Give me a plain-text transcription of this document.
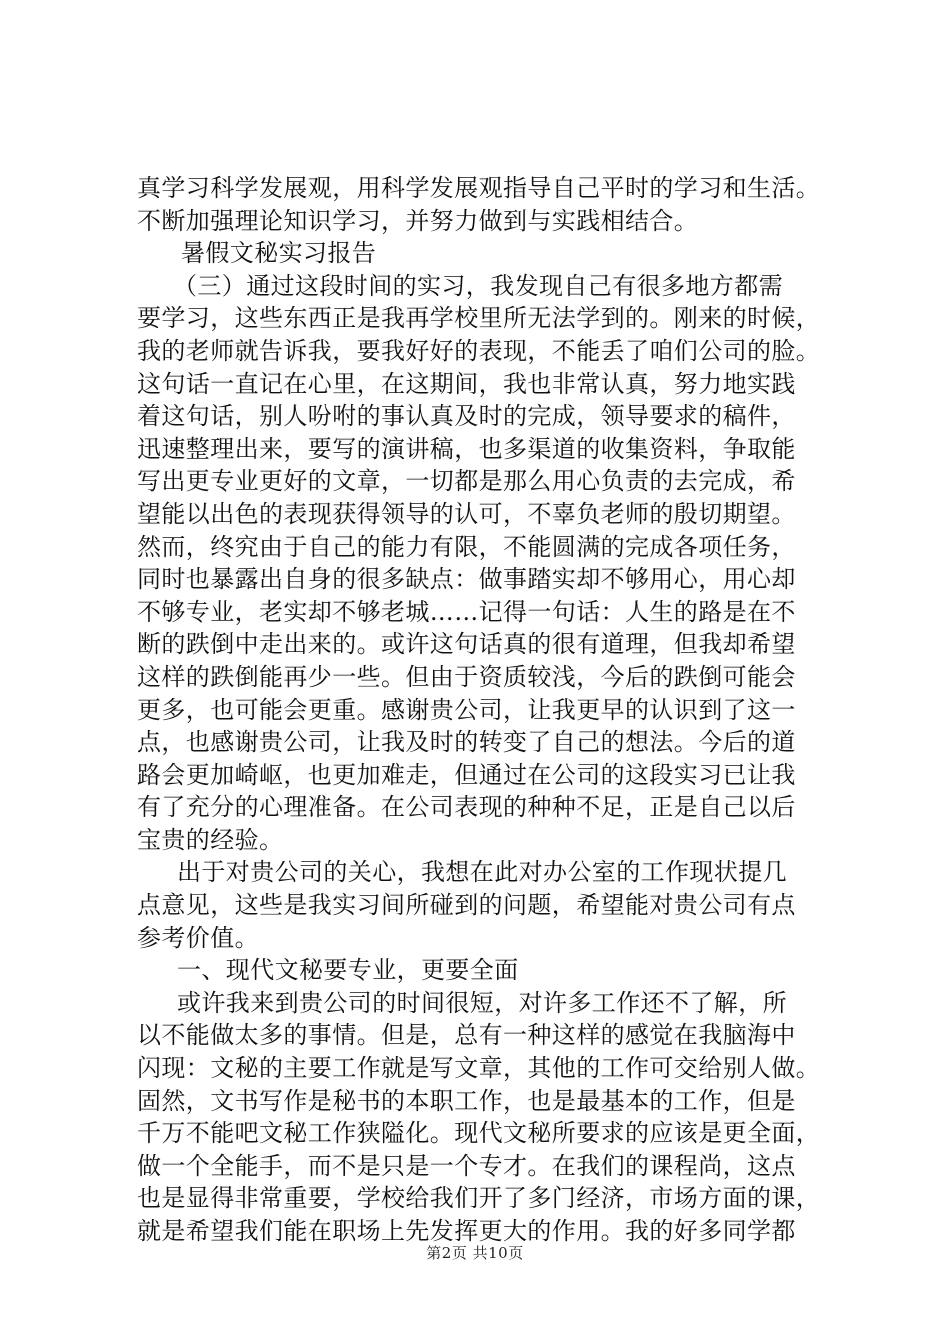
真学习科学发展观，用科学发展观指导自己平时的学习和生活。
不断加强理论知识学习，并努力做到与实践相结合。
暑假文秘实习报告
（三）通过这段时间的实习，我发现自己有很多地方都需
要学习，这些东西正是我再学校里所无法学到的。刚来的时候，
我的老师就告诉我，要我好好的表现，不能丢了咱们公司的脸。
这句话一直记在心里，在这期间，我也非常认真，努力地实践
着这句话，别人吩咐的事认真及时的完成，领导要求的稿件，
迅速整理出来，要写的演讲稿，也多渠道的收集资料，争取能
写出更专业更好的文章，一切都是那么用心负责的去完成，希
望能以出色的表现获得领导的认可，不辜负老师的殷切期望。
然而，终究由于自己的能力有限，不能圆满的完成各项任务，
同时也暴露出自身的很多缺点：做事踏实却不够用心，用心却
不够专业，老实却不够老城……记得一句话：人生的路是在不
断的跌倒中走出来的。或许这句话真的很有道理，但我却希望
这样的跌倒能再少一些。但由于资质较浅，今后的跌倒可能会
更多，也可能会更重。感谢贵公司，让我更早的认识到了这一
点，也感谢贵公司，让我及时的转变了自己的想法。今后的道
路会更加崎岖，也更加难走，但通过在公司的这段实习已让我
有了充分的心理准备。在公司表现的种种不足，正是自己以后
宝贵的经验。
出于对贵公司的关心，我想在此对办公室的工作现状提几
点意见，这些是我实习间所碰到的问题，希望能对贵公司有点
参考价值。
一、现代文秘要专业，更要全面
或许我来到贵公司的时间很短，对许多工作还不了解，所
以不能做太多的事情。但是，总有一种这样的感觉在我脑海中
闪现：文秘的主要工作就是写文章，其他的工作可交给别人做。
固然，文书写作是秘书的本职工作，也是最基本的工作，但是
千万不能吧文秘工作狭隘化。现代文秘所要求的应该是更全面，
做一个全能手，而不是只是一个专才。在我们的课程尚，这点
也是显得非常重要，学校给我们开了多门经济，市场方面的课，
就是希望我们能在职场上先发挥更大的作用。我的好多同学都
第2页 共10页
